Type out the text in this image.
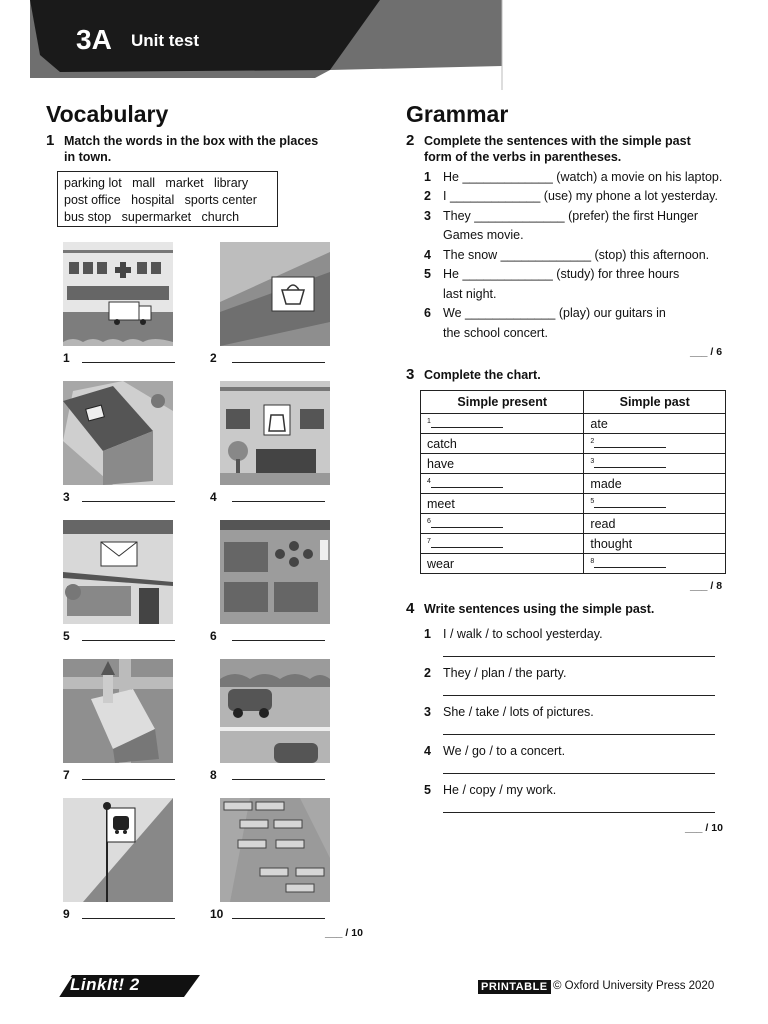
3A Unit test
Vocabulary
1 Match the words in the box with the places
in town.
parking lot   mall   market   library
post office   hospital   sports center
bus stop   supermarket   church
1	2
3	4
5	6
7	8
9	10
___ / 10
Grammar
2 Complete the sentences with the simple past
form of the verbs in parentheses.
1 He _____________ (watch) a movie on his laptop.
2 I _____________ (use) my phone a lot yesterday.
3 They _____________ (prefer) the first Hunger
Games movie.
4 The snow _____________ (stop) this afternoon.
5 He _____________ (study) for three hours
last night.
6 We _____________ (play) our guitars in
the school concert.
___ / 6
3 Complete the chart.
Simple present	Simple past
$^1$	ate
catch	$^2$
have	$^3$
$^4$	made
meet	$^5$
$^6$	read
$^7$	thought
wear	$^8$
___ / 8
4 Write sentences using the simple past.
1 I / walk / to school yesterday.
2 They / plan / the party.
3 She / take / lots of pictures.
4 We / go / to a concert.
5 He / copy / my work.
___ / 10
LinkIt! 2	PRINTABLE © Oxford University Press 2020
